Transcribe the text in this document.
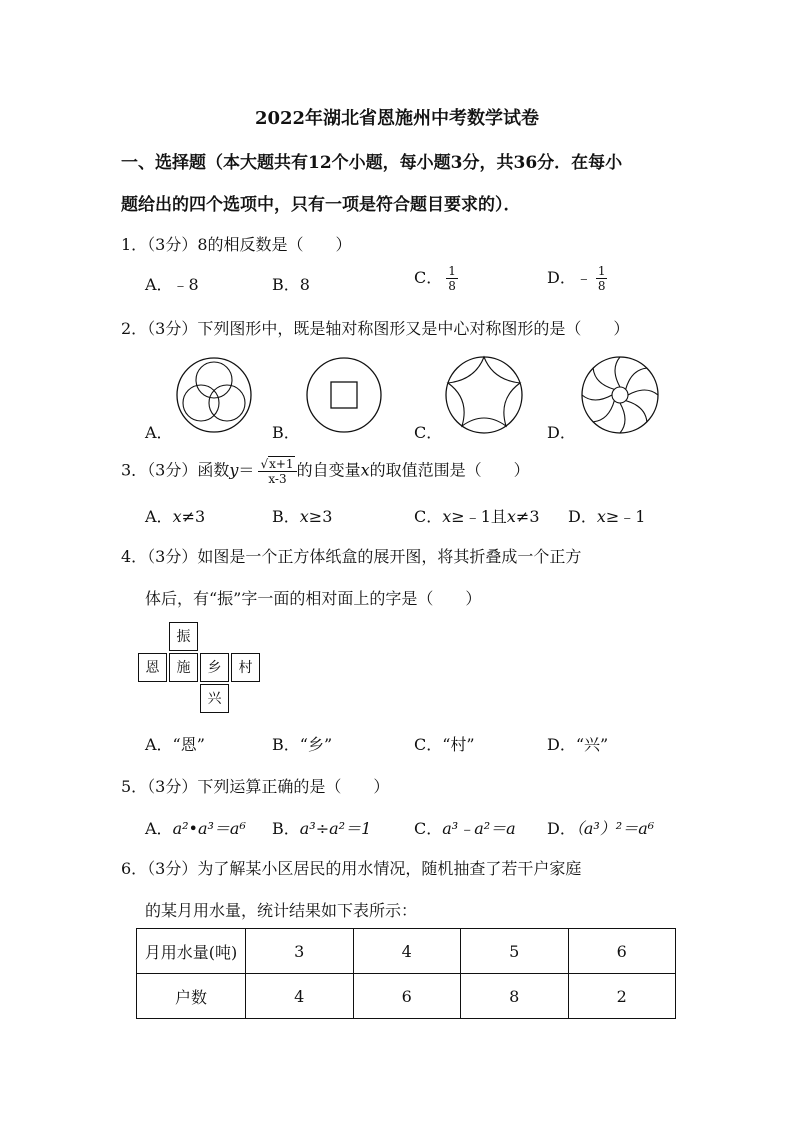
2022年湖北省恩施州中考数学试卷
一、选择题（本大题共有12个小题，每小题3分，共36分．在每小
题给出的四个选项中，只有一项是符合题目要求的）．
1．（3分）8的相反数是（　　）
A．﹣8	B．8	C． $\frac{1}{8}$	D．﹣ $\frac{1}{8}$
2．（3分）下列图形中，既是轴对称图形又是中心对称图形的是（　　）
A．	B．	C．	D．
3．（3分）函数$y= \frac{√x+1}{x-3}$ 的自变量x的取值范围是（　　）
A．x≠3	B．x≥3	C．x≥﹣1且x≠3 D．x≥﹣1
4．（3分）如图是一个正方体纸盒的展开图，将其折叠成一个正方
体后，有“振”字一面的相对面上的字是（　　）
振
恩	施	乡	村
兴
A．“恩”	B．“乡”	C．“村”	D．“兴”
5．（3分）下列运算正确的是（　　）
A．a²•a³＝a⁶ B．a³÷a²＝1	C．a³﹣a²＝a D．（a³）²＝a⁶
6．（3分）为了解某小区居民的用水情况，随机抽查了若干户家庭
的某月用水量，统计结果如下表所示：
月用水量(吨)	3	4	5	6
户数	4	6	8	2
